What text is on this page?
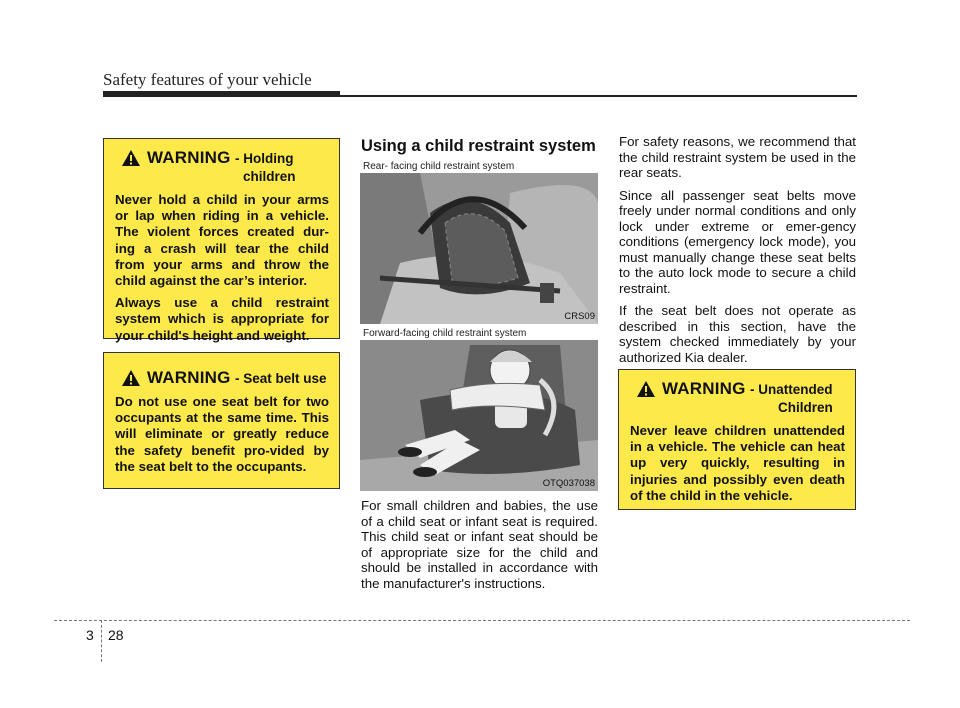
Safety features of your vehicle
WARNING - Holding
children

Never hold a child in your arms or lap when riding in a vehicle. The violent forces created dur-ing a crash will tear the child from your arms and throw the child against the car’s interior.

Always use a child restraint system which is appropriate for your child's height and weight.

WARNING - Seat belt use

Do not use one seat belt for two occupants at the same time. This will eliminate or greatly reduce the safety benefit pro-vided by the seat belt to the occupants.

Using a child restraint system
Rear- facing child restraint system
CRS09
Forward-facing child restraint system
OTQ037038

For small children and babies, the use of a child seat or infant seat is required. This child seat or infant seat should be of appropriate size for the child and should be installed in accordance with the manufacturer's instructions.

For safety reasons, we recommend that the child restraint system be used in the rear seats.

Since all passenger seat belts move freely under normal conditions and only lock under extreme or emer-gency conditions (emergency lock mode), you must manually change these seat belts to the auto lock mode to secure a child restraint.

If the seat belt does not operate as described in this section, have the system checked immediately by your authorized Kia dealer.

WARNING - Unattended
Children

Never leave children unattended in a vehicle. The vehicle can heat up very quickly, resulting in injuries and possibly even death of the child in the vehicle.

3 28
